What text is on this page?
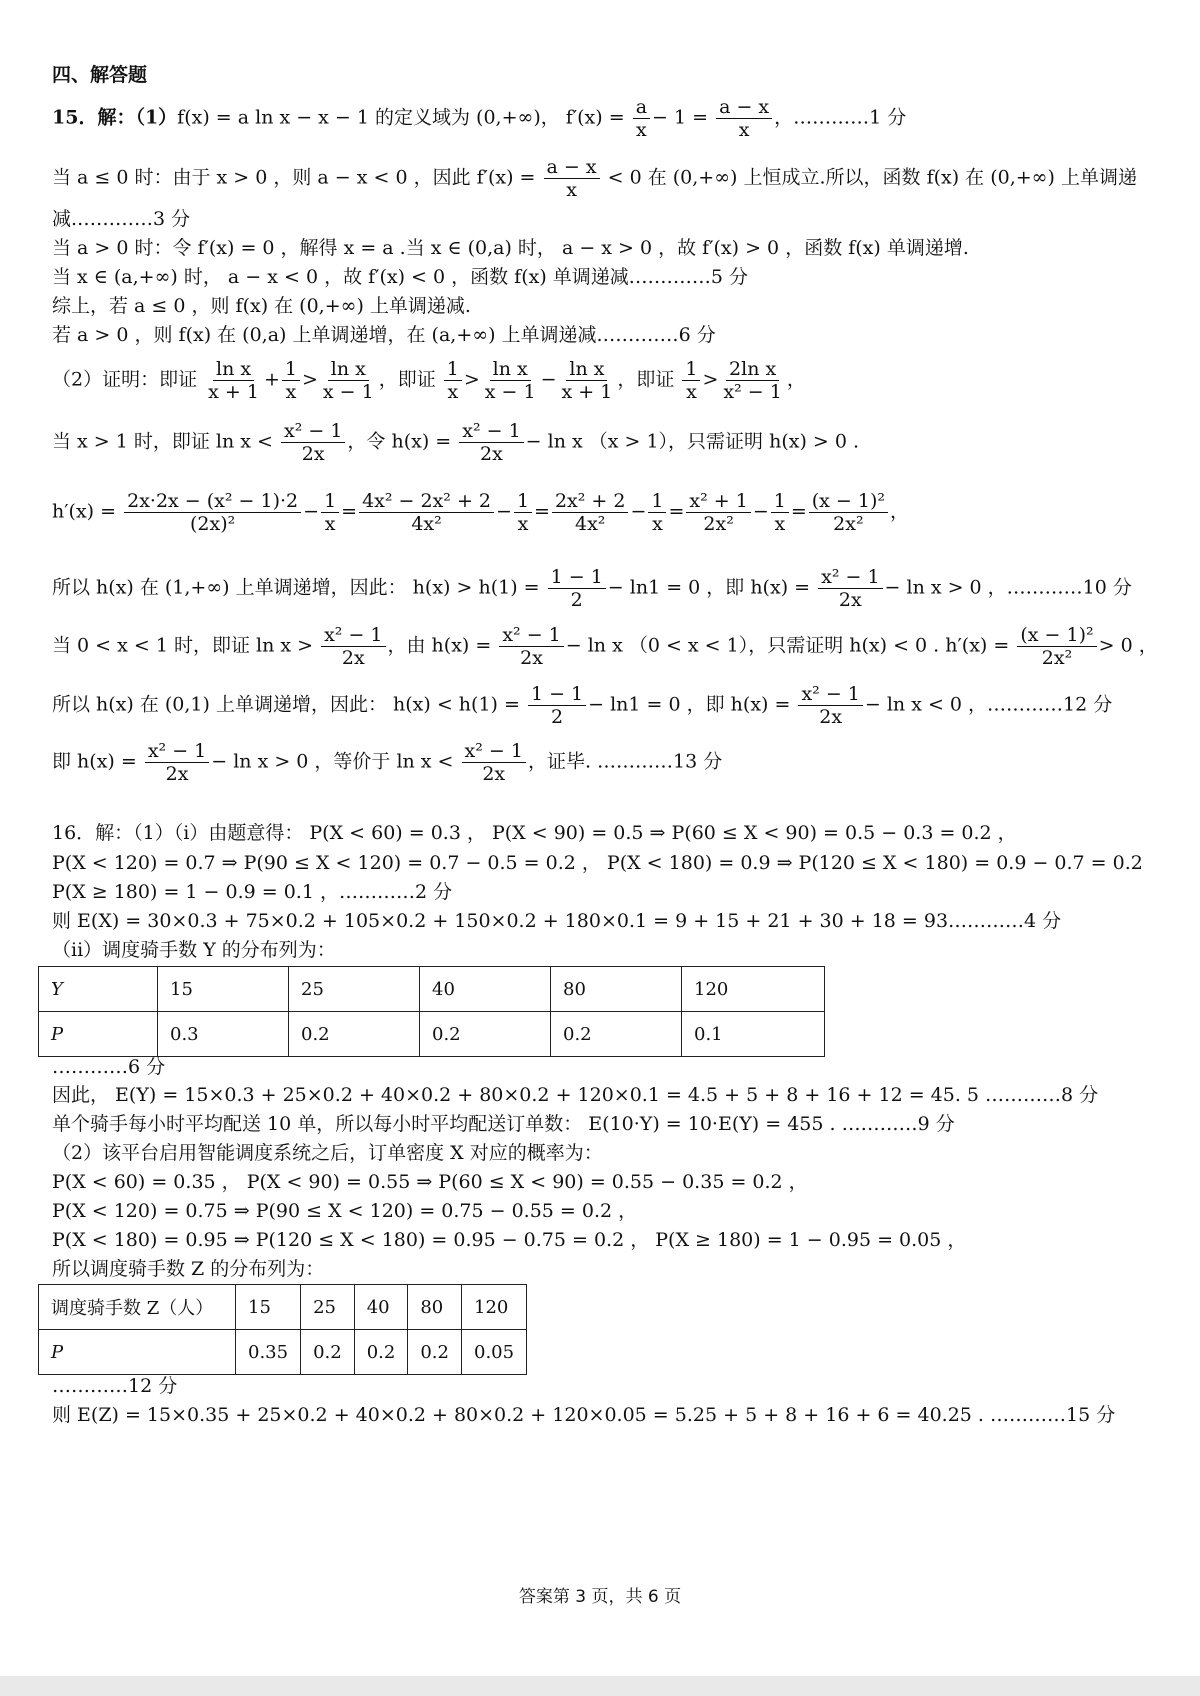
四、解答题
15．解：（1）f(x) = a ln x − x − 1 的定义域为 (0,+∞)， $f'(x) = \frac{a}{x} - 1 = \frac{a - x}{x}$ ，…………1 分
当 a ≤ 0 时：由于 x > 0 ，则 a − x < 0 ，因此 $f'(x) = \frac{a - x}{x} < 0$ 在 (0,+∞) 上恒成立.所以，函数 f(x) 在 (0,+∞) 上单调递
减.…………3 分
当 a > 0 时：令 f′(x) = 0 ，解得 x = a .当 x ∈ (0,a) 时， a − x > 0 ，故 f′(x) > 0 ，函数 f(x) 单调递增.
当 x ∈ (a,+∞) 时， a − x < 0 ，故 f′(x) < 0 ，函数 f(x) 单调递减.…………5 分
综上，若 a ≤ 0 ，则 f(x) 在 (0,+∞) 上单调递减.
若 a > 0 ，则 f(x) 在 (0,a) 上单调递增，在 (a,+∞) 上单调递减.…………6 分
（2）证明：即证 $\frac{\text{ln x}}{x + 1} + \frac{1}{x} > \frac{\text{ln x}}{x - 1}$ ，即证 $\frac{1}{x} > \frac{\text{ln x}}{x - 1} - \frac{\text{ln x}}{x + 1}$ ，即证 $\frac{1}{x} > \frac{\text{2ln x}}{\text{x² − 1}}$ ，
当 x > 1 时，即证 $\ln x < \frac{\text{x² − 1}}{2x}$ ，令 $h(x) = \frac{\text{x² − 1}}{2x} - \ln x$ （x > 1），只需证明 h(x) > 0 .
$h'(x) = \frac{\text{2x·2x − (x² − 1)·2}}{\text{(2x)²}} - \frac{1}{x} = \frac{\text{4x² − 2x² + 2}}{\text{4x²}} - \frac{1}{x} = \frac{\text{2x² + 2}}{\text{4x²}} - \frac{1}{x} = \frac{\text{x² + 1}}{\text{2x²}} - \frac{1}{x} = \frac{\text{(x − 1)²}}{\text{2x²}}$ ，
所以 h(x) 在 (1,+∞) 上单调递增，因此： $h(x) > h(1) = \frac{1 - 1}{2} - \ln 1 = 0$ ，即 $h(x) = \frac{\text{x² − 1}}{2x} - \ln x > 0$ ，…………10 分
当 0 < x < 1 时，即证 $\ln x > \frac{\text{x² − 1}}{2x}$ ，由 $h(x) = \frac{\text{x² − 1}}{2x} - \ln x$ （0 < x < 1），只需证明 h(x) < 0 . $h'(x) = \frac{\text{(x − 1)²}}{\text{2x²}} > 0$ ，
所以 h(x) 在 (0,1) 上单调递增，因此： $h(x) < h(1) = \frac{1 - 1}{2} - \ln 1 = 0$ ，即 $h(x) = \frac{\text{x² − 1}}{2x} - \ln x < 0$ ，…………12 分
即 $h(x) = \frac{\text{x² − 1}}{2x} - \ln x > 0$ ，等价于 $\ln x < \frac{\text{x² − 1}}{2x}$ ，证毕. …………13 分
16．解：（1）（i）由题意得： P(X < 60) = 0.3 ， P(X < 90) = 0.5 ⇒ P(60 ≤ X < 90) = 0.5 − 0.3 = 0.2 ，
P(X < 120) = 0.7 ⇒ P(90 ≤ X < 120) = 0.7 − 0.5 = 0.2 ， P(X < 180) = 0.9 ⇒ P(120 ≤ X < 180) = 0.9 − 0.7 = 0.2
P(X ≥ 180) = 1 − 0.9 = 0.1 ，…………2 分
则 E(X) = 30×0.3 + 75×0.2 + 105×0.2 + 150×0.2 + 180×0.1 = 9 + 15 + 21 + 30 + 18 = 93…………4 分
（ii）调度骑手数 Y 的分布列为：
Y	15	25	40	80	120
P	0.3	0.2	0.2	0.2	0.1
…………6 分
因此， E(Y) = 15×0.3 + 25×0.2 + 40×0.2 + 80×0.2 + 120×0.1 = 4.5 + 5 + 8 + 16 + 12 = 45. 5 …………8 分
单个骑手每小时平均配送 10 单，所以每小时平均配送订单数： E(10·Y) = 10·E(Y) = 455 . …………9 分
（2）该平台启用智能调度系统之后，订单密度 X 对应的概率为：
P(X < 60) = 0.35 ， P(X < 90) = 0.55 ⇒ P(60 ≤ X < 90) = 0.55 − 0.35 = 0.2 ，
P(X < 120) = 0.75 ⇒ P(90 ≤ X < 120) = 0.75 − 0.55 = 0.2 ，
P(X < 180) = 0.95 ⇒ P(120 ≤ X < 180) = 0.95 − 0.75 = 0.2 ， P(X ≥ 180) = 1 − 0.95 = 0.05 ，
所以调度骑手数 Z 的分布列为：
调度骑手数 Z（人）	15	25	40	80	120
P	0.35	0.2	0.2	0.2	0.05
…………12 分
则 E(Z) = 15×0.35 + 25×0.2 + 40×0.2 + 80×0.2 + 120×0.05 = 5.25 + 5 + 8 + 16 + 6 = 40.25 . …………15 分
答案第 3 页，共 6 页
